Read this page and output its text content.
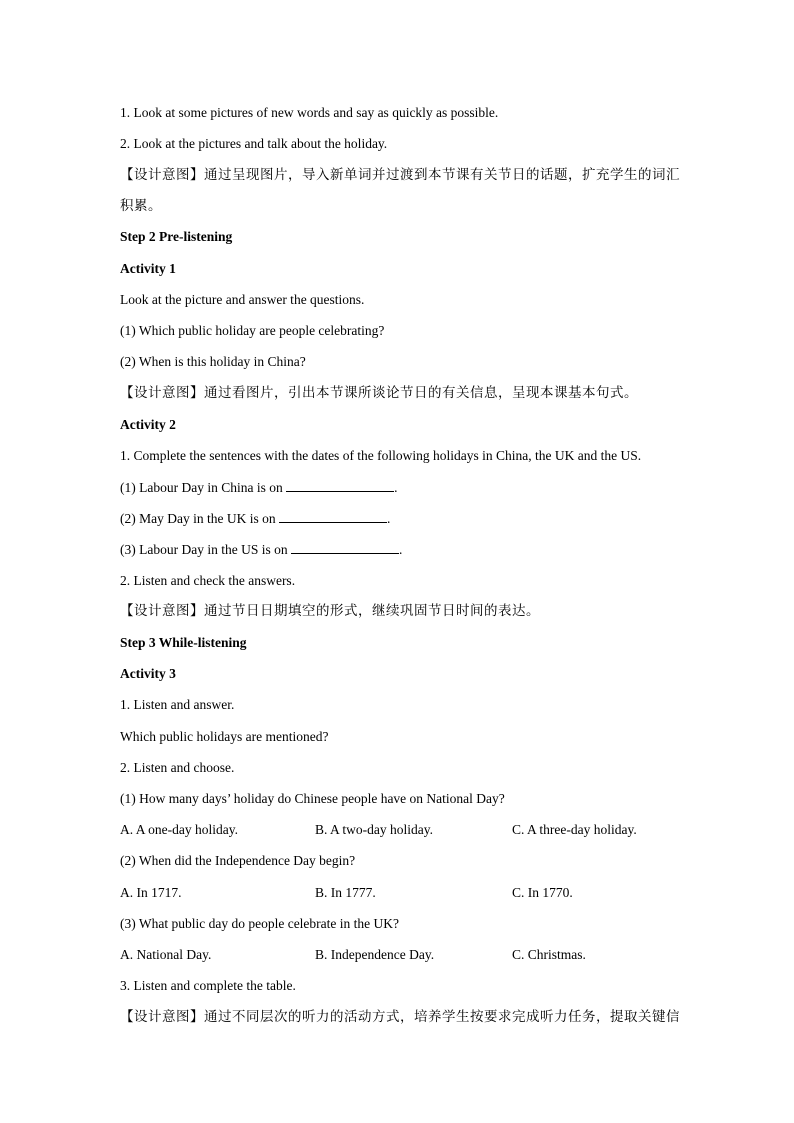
1. Look at some pictures of new words and say as quickly as possible.
2. Look at the pictures and talk about the holiday.
【设计意图】通过呈现图片，导入新单词并过渡到本节课有关节日的话题，扩充学生的词汇
积累。
Step 2 Pre-listening
Activity 1
Look at the picture and answer the questions.
(1) Which public holiday are people celebrating?
(2) When is this holiday in China?
【设计意图】通过看图片，引出本节课所谈论节日的有关信息，呈现本课基本句式。
Activity 2
1. Complete the sentences with the dates of the following holidays in China, the UK and the US.
(1) Labour Day in China is on	.
(2) May Day in the UK is on	.
(3) Labour Day in the US is on	.
2. Listen and check the answers.
【设计意图】通过节日日期填空的形式，继续巩固节日时间的表达。
Step 3 While-listening
Activity 3
1. Listen and answer.
Which public holidays are mentioned?
2. Listen and choose.
(1) How many days’ holiday do Chinese people have on National Day?
A. A one-day holiday.	B. A two-day holiday.	C. A three-day holiday.
(2) When did the Independence Day begin?
A. In 1717.	B. In 1777.	C. In 1770.
(3) What public day do people celebrate in the UK?
A. National Day.	B. Independence Day.	C. Christmas.
3. Listen and complete the table.
【设计意图】通过不同层次的听力的活动方式，培养学生按要求完成听力任务，提取关键信
